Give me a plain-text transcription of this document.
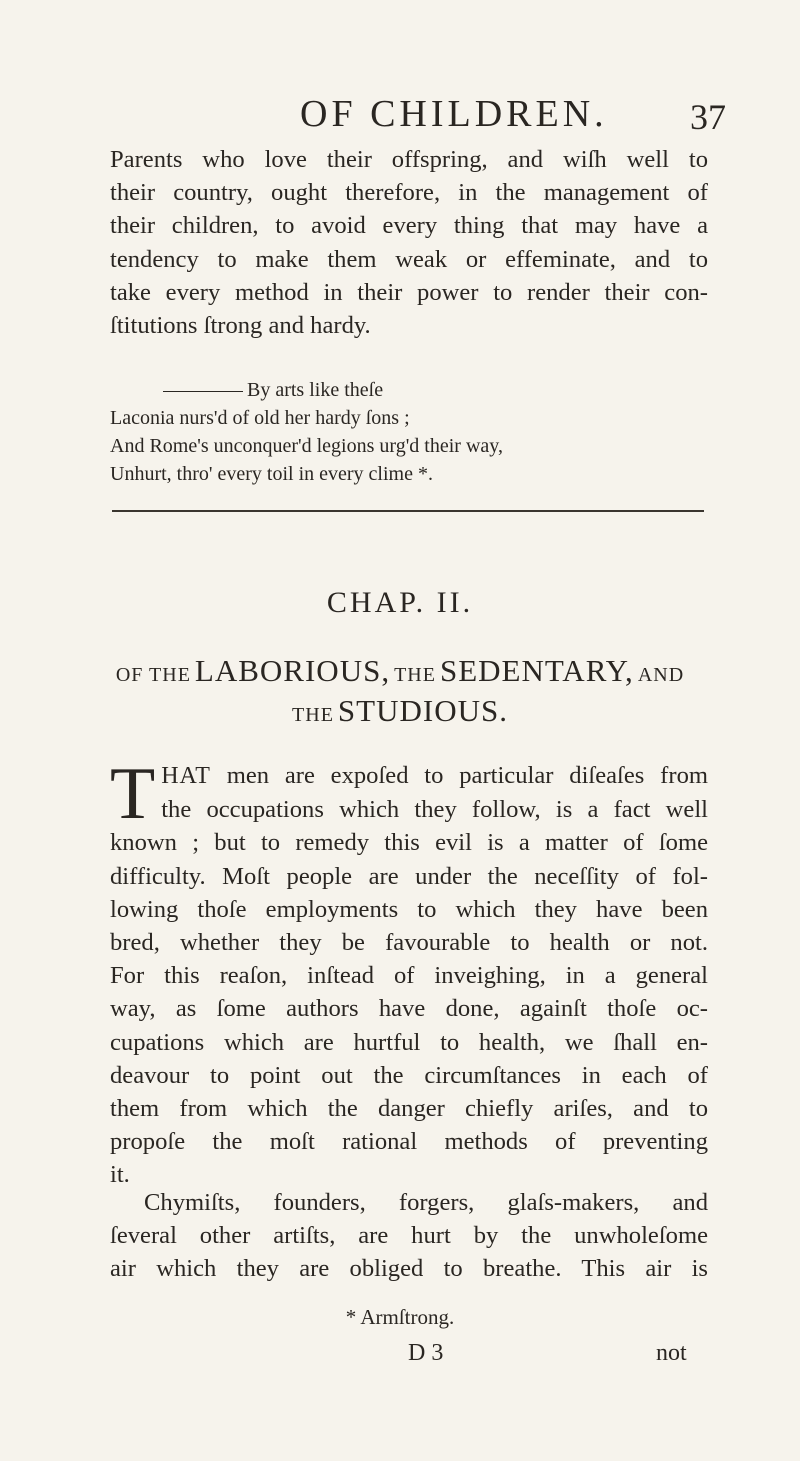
OF CHILDREN. 37
Parents who love their offspring, and wiſh well to
their country, ought therefore, in the management of
their children, to avoid every thing that may have a
tendency to make them weak or effeminate, and to
take every method in their power to render their con-
ſtitutions ſtrong and hardy.
By arts like theſe
Laconia nurs'd of old her hardy ſons ;
And Rome's unconquer'd legions urg'd their way,
Unhurt, thro' every toil in every clime *.
CHAP. II.
OF THE LABORIOUS, THE SEDENTARY, AND
THE STUDIOUS.
T HAT men are expoſed to particular diſeaſes from
the occupations which they follow, is a fact well
known ; but to remedy this evil is a matter of ſome
difficulty. Moſt people are under the neceſſity of fol-
lowing thoſe employments to which they have been
bred, whether they be favourable to health or not.
For this reaſon, inſtead of inveighing, in a general
way, as ſome authors have done, againſt thoſe oc-
cupations which are hurtful to health, we ſhall en-
deavour to point out the circumſtances in each of
them from which the danger chiefly ariſes, and to
propoſe the moſt rational methods of preventing
it.
Chymiſts, founders, forgers, glaſs-makers, and
ſeveral other artiſts, are hurt by the unwholeſome
air which they are obliged to breathe. This air is
* Armſtrong.
D 3	not
